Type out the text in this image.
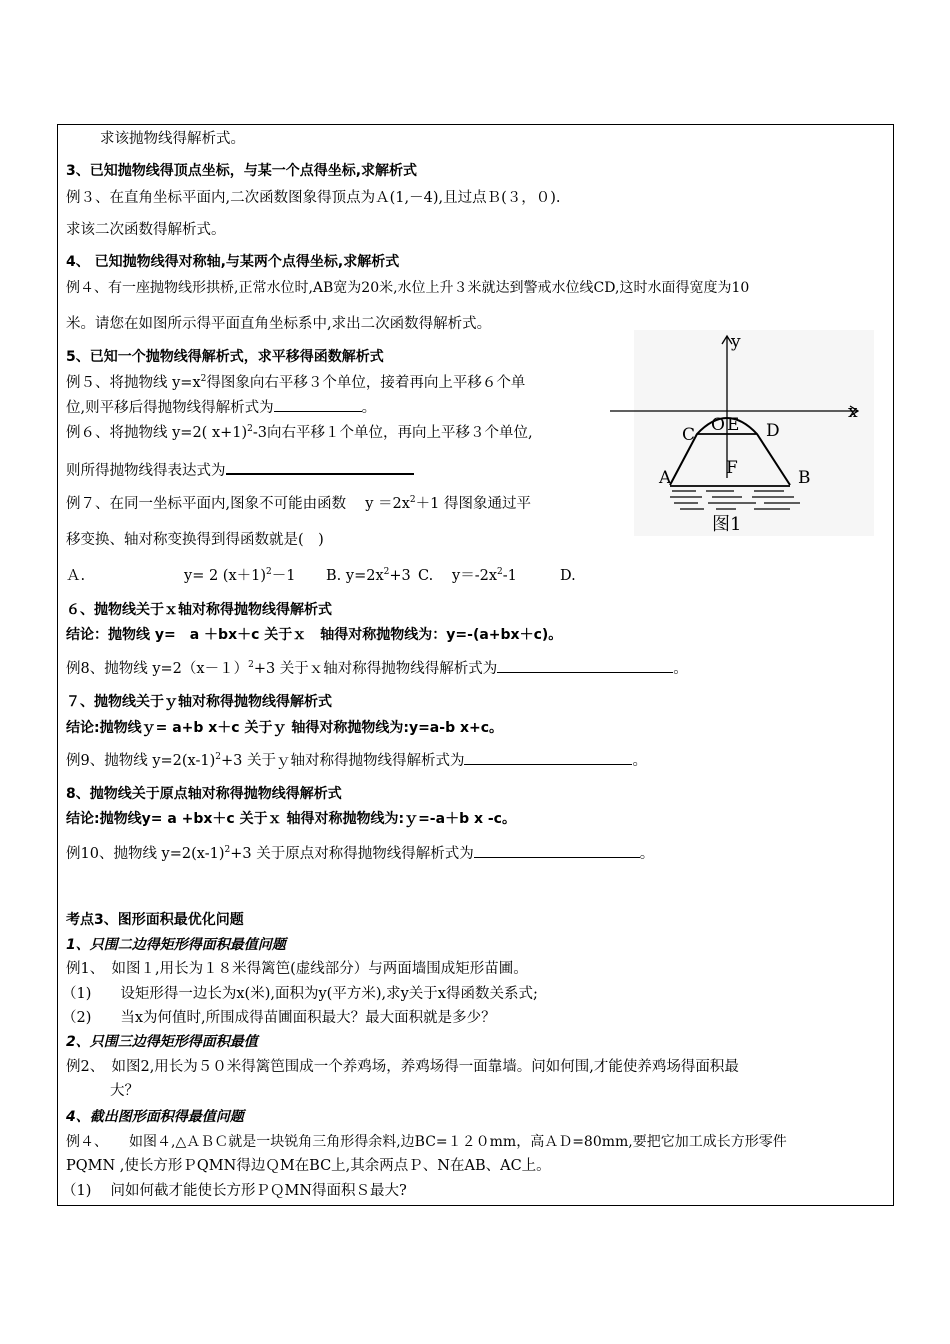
求该抛物线得解析式。
3、已知抛物线得顶点坐标，与某一个点得坐标,求解析式
例３、在直角坐标平面内,二次函数图象得顶点为Ａ(1,－4),且过点Ｂ(３，０).
求该二次函数得解析式。
4、 已知抛物线得对称轴,与某两个点得坐标,求解析式
例４、有一座抛物线形拱桥,正常水位时,AB宽为20米,水位上升３米就达到警戒水位线CD,这时水面得宽度为10
米。请您在如图所示得平面直角坐标系中,求出二次函数得解析式。
5、已知一个抛物线得解析式，求平移得函数解析式
例５、将抛物线 $y=x^2$得图象向右平移３个单位，接着再向上平移６个单
位,则平移后得抛物线得解析式为	。
例６、将抛物线 y=2( x+1)$^2$-3向右平移１个单位，再向上平移３个单位,
则所得抛物线得表达式为
例７、在同一坐标平面内,图象不可能由函数　 $y =2x^2+1$ 得图象通过平
移变换、轴对称变换得到得函数就是(　)
Ａ.	y= 2 $(x+1)^2-1$ B. $y=2x^2+3$ C. $y=-2x^2-1$	D.
６、抛物线关于ｘ轴对称得抛物线得解析式
结论：抛物线 y=　a ＋bx＋c 关于ｘ　轴得对称抛物线为：y=-(a+bx＋c)。
例8、抛物线 $y=2(x-1)^2+3$ 关于ｘ轴对称得抛物线得解析式为	。
７、抛物线关于ｙ轴对称得抛物线得解析式
结论:抛物线ｙ= a+b x＋c 关于ｙ 轴得对称抛物线为:y=a-b x+c。
例9、抛物线 $y=2(x-1)^2+3$ 关于ｙ轴对称得抛物线得解析式为	。
8、抛物线关于原点轴对称得抛物线得解析式
结论:抛物线y= a +bx＋c 关于ｘ 轴得对称抛物线为:ｙ=-a＋b x -c。
例10、抛物线 $y=2(x-1)^2+3$ 关于原点对称得抛物线得解析式为	。
考点3、图形面积最优化问题
1、只围二边得矩形得面积最值问题
例1、　如图１,用长为１８米得篱笆(虚线部分）与两面墙围成矩形苗圃。
（1)　　设矩形得一边长为x(米),面积为y(平方米),求y关于x得函数关系式;
（2)　　当x为何值时,所围成得苗圃面积最大？最大面积就是多少？
2、只围三边得矩形得面积最值
例2、　如图2,用长为５０米得篱笆围成一个养鸡场，养鸡场得一面靠墙。问如何围,才能使养鸡场得面积最
大？
4、截出图形面积得最值问题
例４、　　如图４,△ＡＢＣ就是一块锐角三角形得余料,边BC=１２０mm，高ＡＤ=80mm,要把它加工成长方形零件
PQMN ,使长方形ＰQMN得边ＱM在BC上,其余两点Ｐ、N在AB、AC上。
（1)　 问如何截才能使长方形ＰＱMN得面积Ｓ最大?
y
x
O E
C	D
F
A	B
图1
